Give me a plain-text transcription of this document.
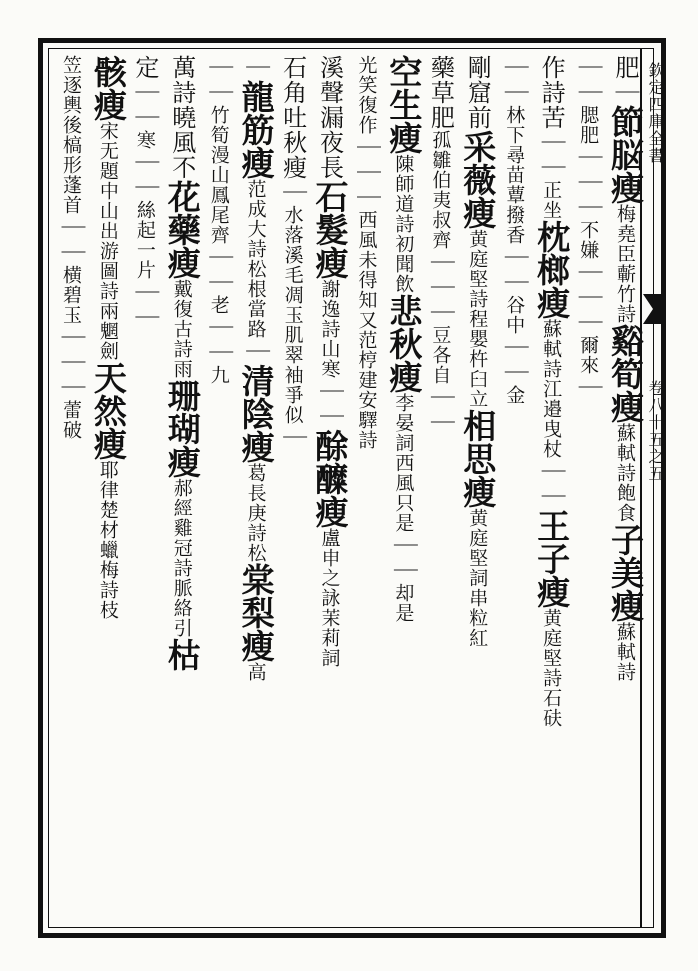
欽定四庫全書
卷八十五之五
肥｜節脳瘦梅堯臣蘄竹詩谿筍瘦蘇軾詩飽食子美瘦蘇軾詩
｜｜腮肥｜｜｜不嫌｜｜｜爾來｜
作詩苦｜｜正坐枕榔瘦蘇軾詩江邉曳杖｜｜王子瘦黄庭堅詩石砆
｜｜林下尋苗蕈撥香｜｜谷中｜｜金
剛窟前采薇瘦黄庭堅詩程嬰杵臼立相思瘦黄庭堅詞串粒紅
藥草肥孤雛伯夷叔齊｜｜｜豆各自｜｜
空生瘦陳師道詩初聞飲悲秋瘦李晏詞西風只是｜｜却是
光笑復作｜｜｜西風未得知又范梈建安驛詩
溪聲漏夜長石髮瘦謝逸詩山寒｜｜酴醾瘦盧申之詠茉莉詞
石角吐秋瘦｜水落溪毛凋玉肌翠袖爭似｜
｜龍筋瘦范成大詩松根當路｜清陰瘦葛長庚詩松棠梨瘦高
｜｜竹筍漫山鳳尾齊｜｜老｜｜九
萬詩曉風不花藥瘦戴復古詩雨珊瑚瘦郝經雞冠詩脈絡引枯
定｜｜寒｜｜絲起一片｜｜
骸瘦宋无題中山出游圖詩兩魍劍天然瘦耶律楚材蠟梅詩枝
笠逐輿後槁形蓬首｜｜横碧玉｜｜｜蕾破
